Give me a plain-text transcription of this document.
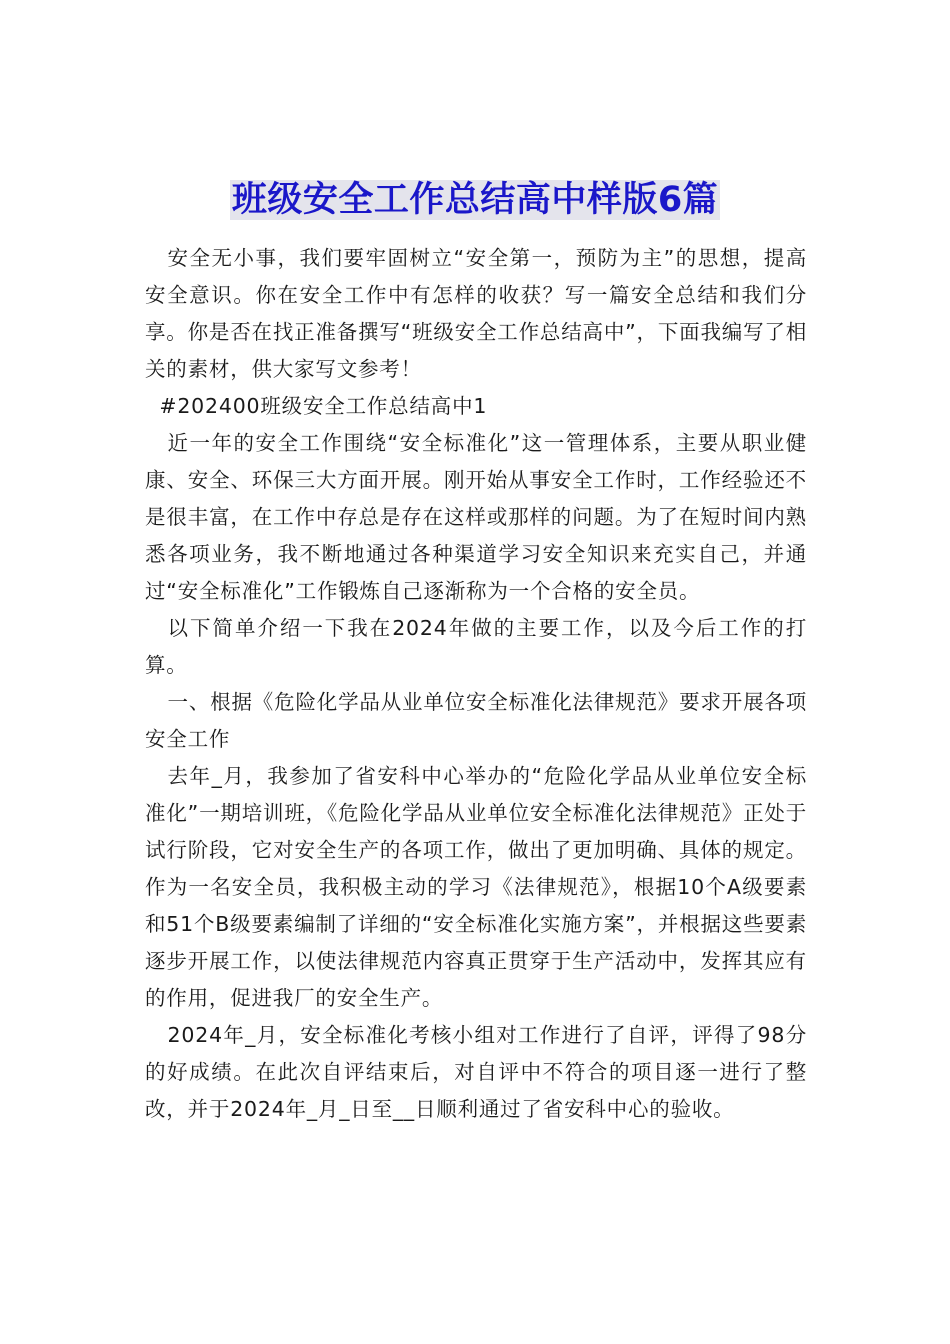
班级安全工作总结高中样版6篇

安全无小事，我们要牢固树立“安全第一，预防为主”的思想，提高安全意识。你在安全工作中有怎样的收获？写一篇安全总结和我们分享。你是否在找正准备撰写“班级安全工作总结高中”，下面我编写了相关的素材，供大家写文参考！

#202400班级安全工作总结高中1

近一年的安全工作围绕“安全标准化”这一管理体系，主要从职业健康、安全、环保三大方面开展。刚开始从事安全工作时，工作经验还不是很丰富，在工作中存总是存在这样或那样的问题。为了在短时间内熟悉各项业务，我不断地通过各种渠道学习安全知识来充实自己，并通过“安全标准化”工作锻炼自己逐渐称为一个合格的安全员。

以下简单介绍一下我在2024年做的主要工作，以及今后工作的打算。

一、根据《危险化学品从业单位安全标准化法律规范》要求开展各项安全工作

去年_月，我参加了省安科中心举办的“危险化学品从业单位安全标准化”一期培训班，《危险化学品从业单位安全标准化法律规范》正处于试行阶段，它对安全生产的各项工作，做出了更加明确、具体的规定。作为一名安全员，我积极主动的学习《法律规范》，根据10个A级要素和51个B级要素编制了详细的“安全标准化实施方案”，并根据这些要素逐步开展工作，以使法律规范内容真正贯穿于生产活动中，发挥其应有的作用，促进我厂的安全生产。

2024年_月，安全标准化考核小组对工作进行了自评，评得了98分的好成绩。在此次自评结束后，对自评中不符合的项目逐一进行了整改，并于2024年_月_日至__日顺利通过了省安科中心的验收。
